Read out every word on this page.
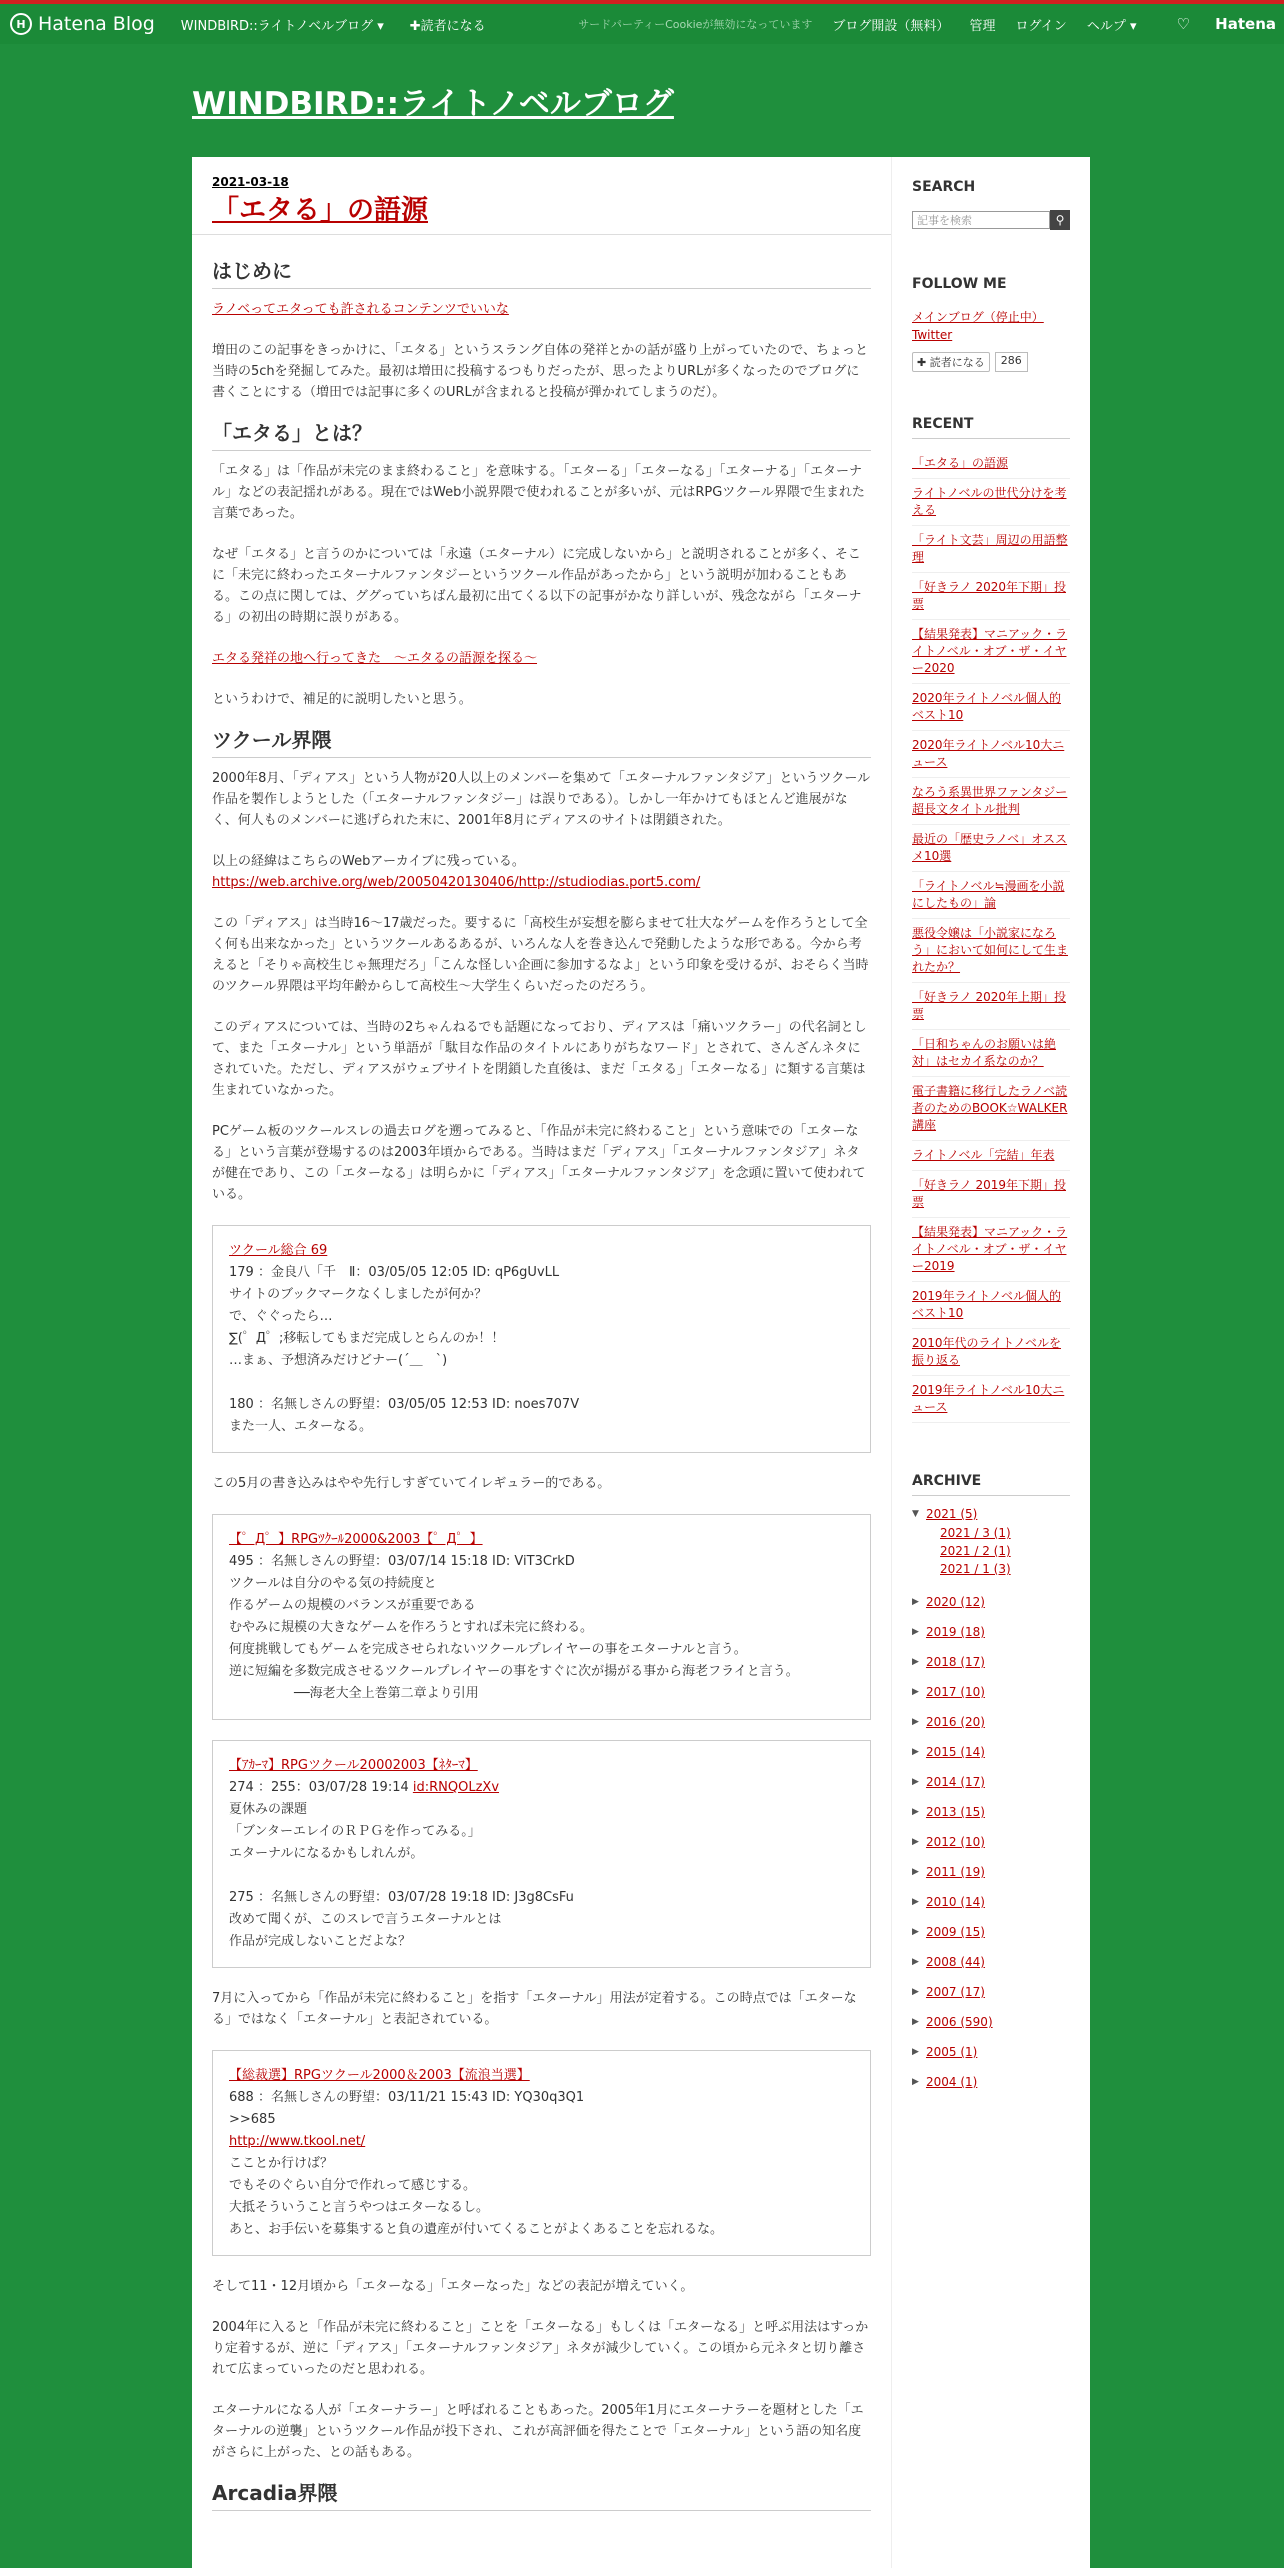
H Hatena Blog WINDBIRD::ライトノベルブログ ▾ ✚読者になる	サードパーティーCookieが無効になっています ブログ開設（無料） 管理 ログイン ヘルプ ▾	♡ Hatena
WINDBIRD::ライトノベルブログ
2021-03-18
「エタる」の語源
はじめに

ラノベってエタっても許されるコンテンツでいいな

増田のこの記事をきっかけに、「エタる」というスラング自体の発祥とかの話が盛り上がっていたので、ちょっと当時の5chを発掘してみた。最初は増田に投稿するつもりだったが、思ったよりURLが多くなったのでブログに書くことにする（増田では記事に多くのURLが含まれると投稿が弾かれてしまうのだ）。

「エタる」とは？

「エタる」は「作品が未完のまま終わること」を意味する。「エターる」「エターなる」「エターナる」「エターナル」などの表記揺れがある。現在ではWeb小説界隈で使われることが多いが、元はRPGツクール界隈で生まれた言葉であった。

なぜ「エタる」と言うのかについては「永遠（エターナル）に完成しないから」と説明されることが多く、そこに「未完に終わったエターナルファンタジーというツクール作品があったから」という説明が加わることもある。この点に関しては、ググっていちばん最初に出てくる以下の記事がかなり詳しいが、残念ながら「エターナる」の初出の時期に誤りがある。

エタる発祥の地へ行ってきた　～エタるの語源を探る～

というわけで、補足的に説明したいと思う。

ツクール界隈

2000年8月、「ディアス」という人物が20人以上のメンバーを集めて「エターナルファンタジア」というツクール作品を製作しようとした（「エターナルファンタジー」は誤りである）。しかし一年かけてもほとんど進展がなく、何人ものメンバーに逃げられた末に、2001年8月にディアスのサイトは閉鎖された。

以上の経緯はこちらのWebアーカイブに残っている。
https://web.archive.org/web/20050420130406/http://studiodias.port5.com/

この「ディアス」は当時16〜17歳だった。要するに「高校生が妄想を膨らませて壮大なゲームを作ろうとして全く何も出来なかった」というツクールあるあるが、いろんな人を巻き込んで発動したような形である。今から考えると「そりゃ高校生じゃ無理だろ」「こんな怪しい企画に参加するなよ」という印象を受けるが、おそらく当時のツクール界隈は平均年齢からして高校生〜大学生くらいだったのだろう。

このディアスについては、当時の2ちゃんねるでも話題になっており、ディアスは「痛いツクラー」の代名詞として、また「エターナル」という単語が「駄目な作品のタイトルにありがちなワード」とされて、さんざんネタにされていた。ただし、ディアスがウェブサイトを閉鎖した直後は、まだ「エタる」「エターなる」に類する言葉は生まれていなかった。

PCゲーム板のツクールスレの過去ログを遡ってみると、「作品が未完に終わること」という意味での「エターなる」という言葉が登場するのは2003年頃からである。当時はまだ「ディアス」「エターナルファンタジア」ネタが健在であり、この「エターなる」は明らかに「ディアス」「エターナルファンタジア」を念頭に置いて使われている。

ツクール総合 69
179 ：金良八「千　Ⅱ：03/05/05 12:05 ID: qP6gUvLL
サイトのブックマークなくしましたが何か？
で、ぐぐったら…
∑(゜Д゜;移転してもまだ完成しとらんのか！！
…まぁ、予想済みだけどナー(´＿　`)
180 ：名無しさんの野望：03/05/05 12:53 ID: noes707V
また一人、エターなる。

この5月の書き込みはやや先行しすぎていてイレギュラー的である。

【゜Д゜】RPGﾂｸｰﾙ2000&2003【゜Д゜】
495 ：名無しさんの野望：03/07/14 15:18 ID: ViT3CrkD
ツクールは自分のやる気の持続度と
作るゲームの規模のバランスが重要である
むやみに規模の大きなゲームを作ろうとすれば未完に終わる。
何度挑戦してもゲームを完成させられないツクールプレイヤーの事をエターナルと言う。
逆に短編を多数完成させるツクールプレイヤーの事をすぐに次が揚がる事から海老フライと言う。
　　　　　──海老大全上巻第二章より引用
【ｱｶｰﾏ】RPGツクール20002003【ﾈﾀｰﾏ】
274 ：255：03/07/28 19:14 id:RNQOLzXv
夏休みの課題
「ブンターエレイのＲＰＧを作ってみる。」
エターナルになるかもしれんが。
275 ：名無しさんの野望：03/07/28 19:18 ID: J3g8CsFu
改めて聞くが、このスレで言うエターナルとは
作品が完成しないことだよな？

7月に入ってから「作品が未完に終わること」を指す「エターナル」用法が定着する。この時点では「エターなる」ではなく「エターナル」と表記されている。

【総裁選】RPGツクール2000＆2003【流浪当選】
688 ：名無しさんの野望：03/11/21 15:43 ID: YQ30q3Q1
>>685
http://www.tkool.net/
こことか行けば？
でもそのぐらい自分で作れって感じする。
大抵そういうこと言うやつはエターなるし。
あと、お手伝いを募集すると負の遺産が付いてくることがよくあることを忘れるな。

そして11・12月頃から「エターなる」「エターなった」などの表記が増えていく。

2004年に入ると「作品が未完に終わること」ことを「エターなる」もしくは「エターなる」と呼ぶ用法はすっかり定着するが、逆に「ディアス」「エターナルファンタジア」ネタが減少していく。この頃から元ネタと切り離されて広まっていったのだと思われる。

エターナルになる人が「エターナラー」と呼ばれることもあった。2005年1月にエターナラーを題材とした「エターナルの逆襲」というツクール作品が投下され、これが高評価を得たことで「エターナル」という語の知名度がさらに上がった、との話もある。

Arcadia界隈
SEARCH
記事を検索	⚲
FOLLOW ME
メインブログ（停止中）
Twitter
✚ 読者になる	286
RECENT
「エタる」の語源
ライトノベルの世代分けを考える
「ライト文芸」周辺の用語整理
「好きラノ 2020年下期」投票
【結果発表】マニアック・ライトノベル・オブ・ザ・イヤー2020
2020年ライトノベル個人的ベスト10
2020年ライトノベル10大ニュース
なろう系異世界ファンタジー超長文タイトル批判
最近の「歴史ラノベ」オススメ10選
「ライトノベル≒漫画を小説にしたもの」論
悪役令嬢は「小説家になろう」において如何にして生まれたか？
「好きラノ 2020年上期」投票
「日和ちゃんのお願いは絶対」はセカイ系なのか？
電子書籍に移行したラノベ読者のためのBOOK☆WALKER講座
ライトノベル「完結」年表
「好きラノ 2019年下期」投票
【結果発表】マニアック・ライトノベル・オブ・ザ・イヤー2019
2019年ライトノベル個人的ベスト10
2010年代のライトノベルを振り返る
2019年ライトノベル10大ニュース
ARCHIVE
▼ 2021 (5)
2021 / 3 (1)
2021 / 2 (1)
2021 / 1 (3)
▶ 2020 (12)
▶ 2019 (18)
▶ 2018 (17)
▶ 2017 (10)
▶ 2016 (20)
▶ 2015 (14)
▶ 2014 (17)
▶ 2013 (15)
▶ 2012 (10)
▶ 2011 (19)
▶ 2010 (14)
▶ 2009 (15)
▶ 2008 (44)
▶ 2007 (17)
▶ 2006 (590)
▶ 2005 (1)
▶ 2004 (1)
